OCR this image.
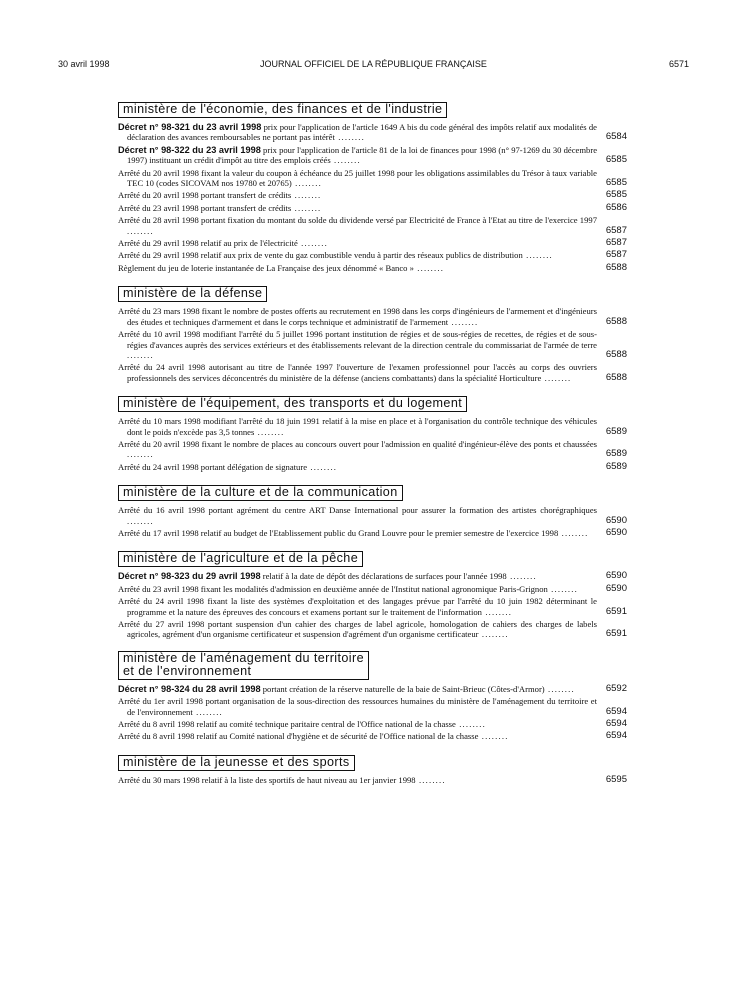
30 avril 1998	JOURNAL OFFICIEL DE LA RÉPUBLIQUE FRANÇAISE	6571
ministère de l'économie, des finances et de l'industrie
Décret n° 98-321 du 23 avril 1998 prix pour l'application de l'article 1649 A bis du code général des impôts relatif aux modalités de déclaration des avances remboursables ne portant pas intérêt ........	6584
Décret n° 98-322 du 23 avril 1998 prix pour l'application de l'article 81 de la loi de finances pour 1998 (n° 97-1269 du 30 décembre 1997) instituant un crédit d'impôt au titre des emplois créés ........	6585
Arrêté du 20 avril 1998 fixant la valeur du coupon à échéance du 25 juillet 1998 pour les obligations assimilables du Trésor à taux variable TEC 10 (codes SICOVAM nos 19780 et 20765) ........	6585
Arrêté du 20 avril 1998 portant transfert de crédits ........	6585
Arrêté du 23 avril 1998 portant transfert de crédits ........	6586
Arrêté du 28 avril 1998 portant fixation du montant du solde du dividende versé par Electricité de France à l'Etat au titre de l'exercice 1997 ........	6587
Arrêté du 29 avril 1998 relatif au prix de l'électricité ........	6587
Arrêté du 29 avril 1998 relatif aux prix de vente du gaz combustible vendu à partir des réseaux publics de distribution ........	6587
Règlement du jeu de loterie instantanée de La Française des jeux dénommé « Banco » ........	6588
ministère de la défense
Arrêté du 23 mars 1998 fixant le nombre de postes offerts au recrutement en 1998 dans les corps d'ingénieurs de l'armement et d'ingénieurs des études et techniques d'armement et dans le corps technique et administratif de l'armement ........	6588
Arrêté du 10 avril 1998 modifiant l'arrêté du 5 juillet 1996 portant institution de régies et de sous-régies de recettes, de régies et de sous-régies d'avances auprès des services extérieurs et des établissements relevant de la direction centrale du commissariat de l'armée de terre ........	6588
Arrêté du 24 avril 1998 autorisant au titre de l'année 1997 l'ouverture de l'examen professionnel pour l'accès au corps des ouvriers professionnels des services déconcentrés du ministère de la défense (anciens combattants) dans la spécialité Horticulture ........	6588
ministère de l'équipement, des transports et du logement
Arrêté du 10 mars 1998 modifiant l'arrêté du 18 juin 1991 relatif à la mise en place et à l'organisation du contrôle technique des véhicules dont le poids n'excède pas 3,5 tonnes ........	6589
Arrêté du 20 avril 1998 fixant le nombre de places au concours ouvert pour l'admission en qualité d'ingénieur-élève des ponts et chaussées ........	6589
Arrêté du 24 avril 1998 portant délégation de signature ........	6589
ministère de la culture et de la communication
Arrêté du 16 avril 1998 portant agrément du centre ART Danse International pour assurer la formation des artistes chorégraphiques ........	6590
Arrêté du 17 avril 1998 relatif au budget de l'Etablissement public du Grand Louvre pour le premier semestre de l'exercice 1998 ........ 6590
ministère de l'agriculture et de la pêche
Décret n° 98-323 du 29 avril 1998 relatif à la date de dépôt des déclarations de surfaces pour l'année 1998 ........	6590
Arrêté du 23 avril 1998 fixant les modalités d'admission en deuxième année de l'Institut national agronomique Paris-Grignon ........	6590
Arrêté du 24 avril 1998 fixant la liste des systèmes d'exploitation et des langages prévue par l'arrêté du 10 juin 1982 déterminant le programme et la nature des épreuves des concours et examens portant sur le traitement de l'information ........	6591
Arrêté du 27 avril 1998 portant suspension d'un cahier des charges de label agricole, homologation de cahiers des charges de labels agricoles, agrément d'un organisme certificateur et suspension d'agrément d'un organisme certificateur ........	6591
ministère de l'aménagement du territoire
et de l'environnement
Décret n° 98-324 du 28 avril 1998 portant création de la réserve naturelle de la baie de Saint-Brieuc (Côtes-d'Armor) ........	6592
Arrêté du 1er avril 1998 portant organisation de la sous-direction des ressources humaines du ministère de l'aménagement du territoire et de l'environnement ........	6594
Arrêté du 8 avril 1998 relatif au comité technique paritaire central de l'Office national de la chasse ........	6594
Arrêté du 8 avril 1998 relatif au Comité national d'hygiène et de sécurité de l'Office national de la chasse ........	6594
ministère de la jeunesse et des sports
Arrêté du 30 mars 1998 relatif à la liste des sportifs de haut niveau au 1er janvier 1998 ........	6595
